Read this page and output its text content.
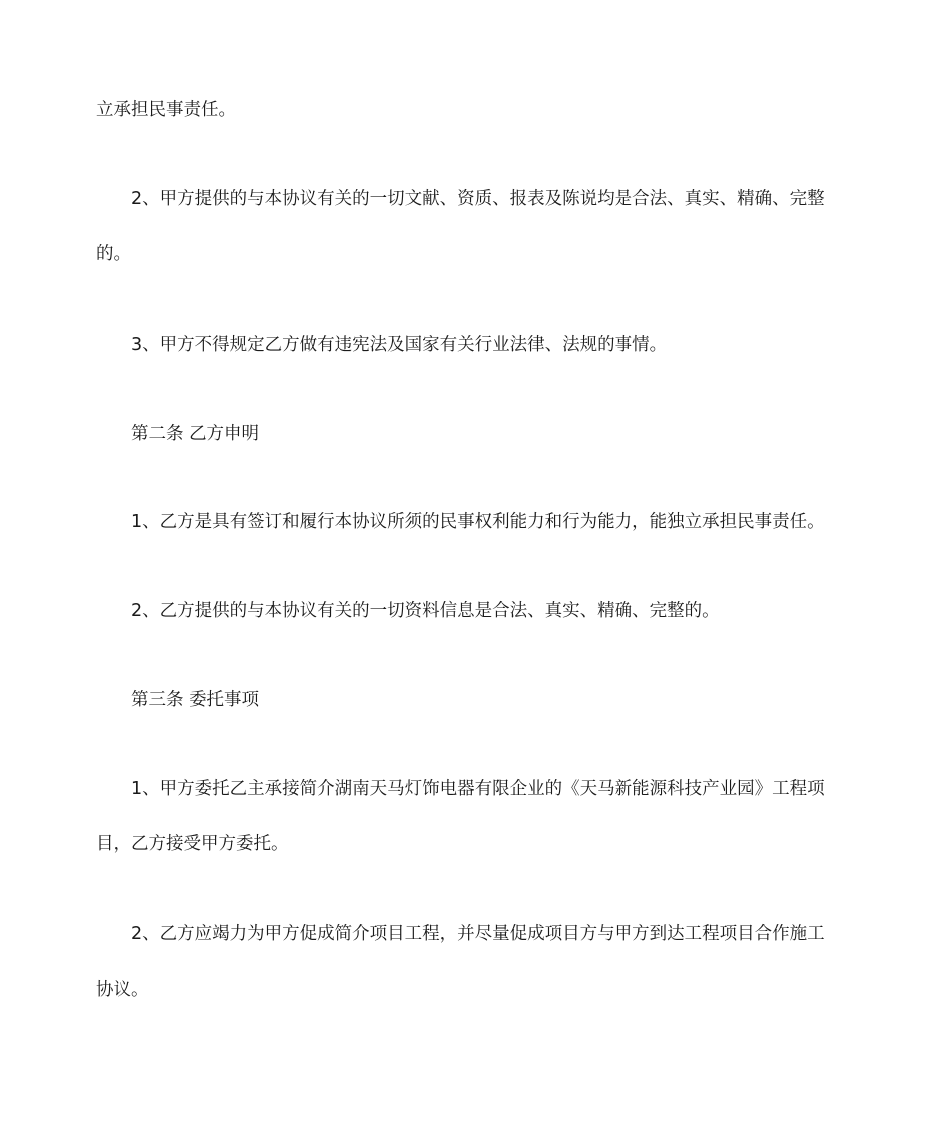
立承担民事责任。
2、甲方提供的与本协议有关的一切文献、资质、报表及陈说均是合法、真实、精确、完整
的。
3、甲方不得规定乙方做有违宪法及国家有关行业法律、法规的事情。
第二条 乙方申明
1、乙方是具有签订和履行本协议所须的民事权利能力和行为能力，能独立承担民事责任。
2、乙方提供的与本协议有关的一切资料信息是合法、真实、精确、完整的。
第三条 委托事项
1、甲方委托乙主承接简介湖南天马灯饰电器有限企业的《天马新能源科技产业园》工程项
目，乙方接受甲方委托。
2、乙方应竭力为甲方促成简介项目工程，并尽量促成项目方与甲方到达工程项目合作施工
协议。
